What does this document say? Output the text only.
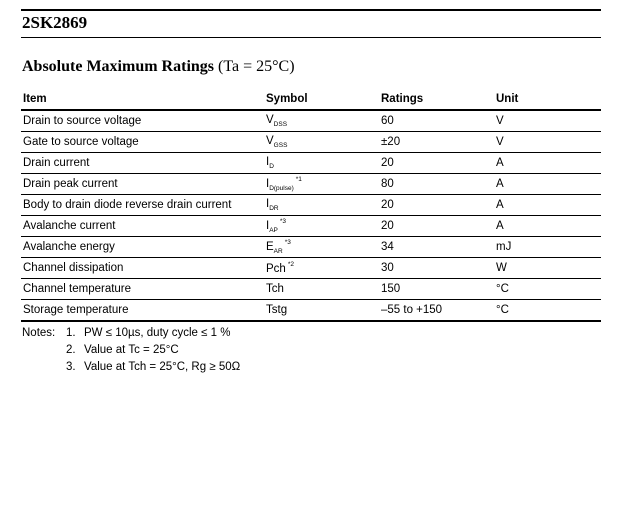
2SK2869
Absolute Maximum Ratings (Ta = 25°C)
Item	Symbol	Ratings	Unit
Drain to source voltage	$V_{DSS}$	60	V
Gate to source voltage	$V_{GSS}$	±20	V
Drain current	$I_D$	20	A
Drain peak current	$I_{D(pulse)}^{*1}$	80	A
Body to drain diode reverse drain current	$I_{DR}$	20	A
Avalanche current	$I_{AP}^{*3}$	20	A
Avalanche energy	$E_{AR}^{*3}$	34	mJ
Channel dissipation	Pch $^{*2}$	30	W
Channel temperature	Tch	150	°C
Storage temperature	Tstg	–55 to +150	°C
Notes: 1. PW ≤ 10µs, duty cycle ≤ 1 %
2. Value at Tc = 25°C
3. Value at Tch = 25°C, Rg ≥ 50Ω
